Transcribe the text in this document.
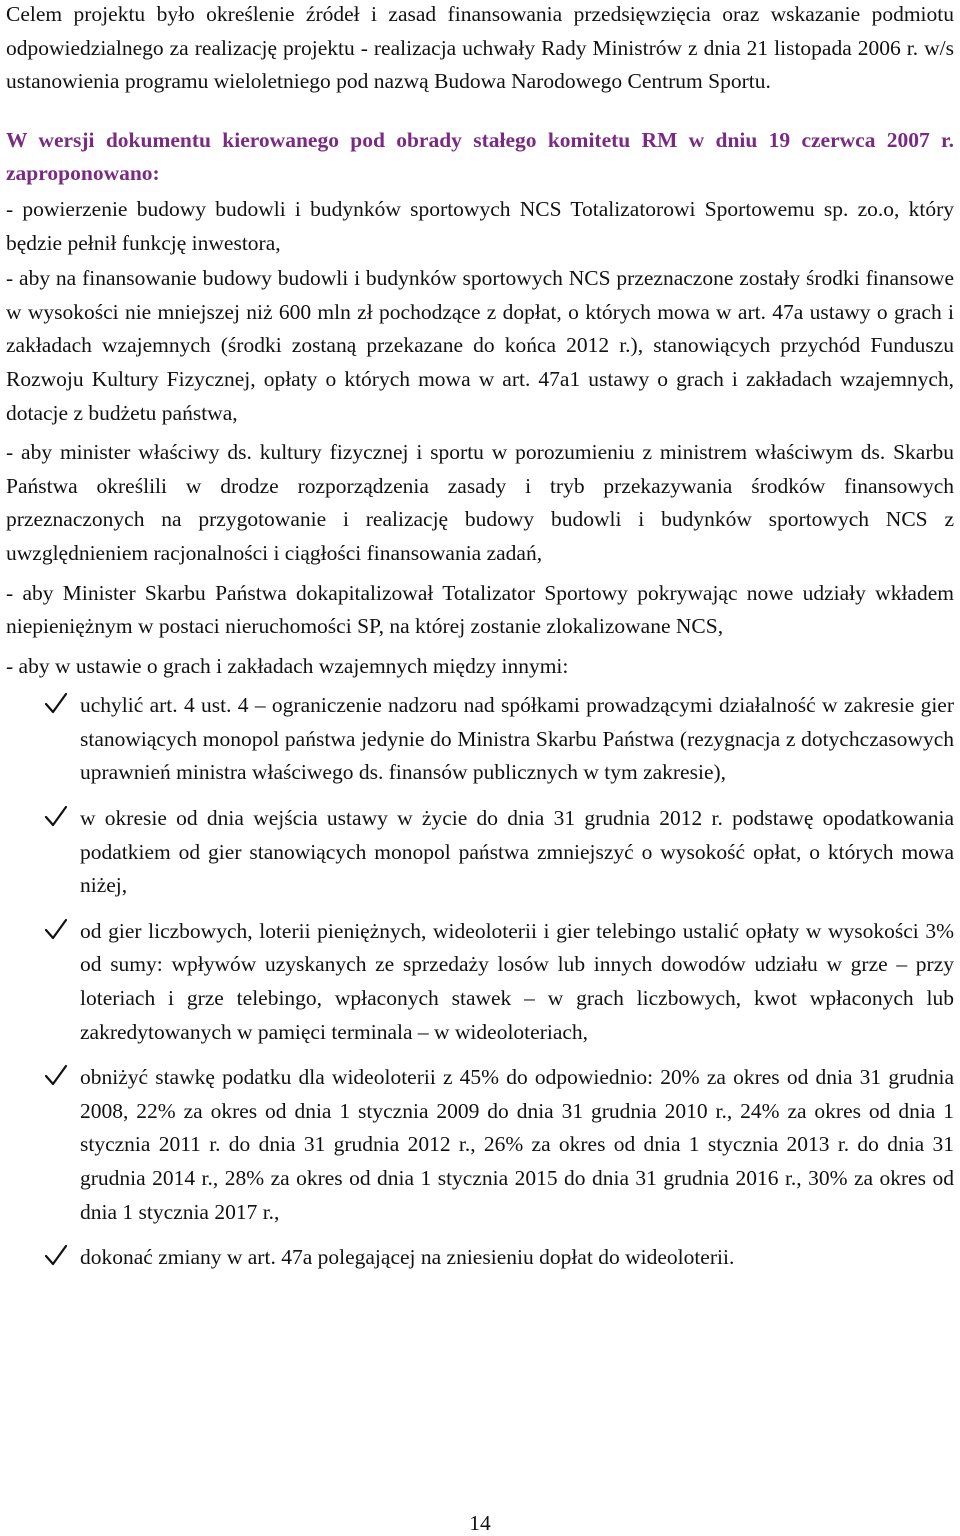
Celem projektu było określenie źródeł i zasad finansowania przedsięwzięcia oraz wskazanie podmiotu odpowiedzialnego za realizację projektu - realizacja uchwały Rady Ministrów z dnia 21 listopada 2006 r. w/s ustanowienia programu wieloletniego pod nazwą Budowa Narodowego Centrum Sportu.

W wersji dokumentu kierowanego pod obrady stałego komitetu RM w dniu 19 czerwca 2007 r. zaproponowano:

- powierzenie budowy budowli i budynków sportowych NCS Totalizatorowi Sportowemu sp. zo.o, który będzie pełnił funkcję inwestora,

- aby na finansowanie budowy budowli i budynków sportowych NCS przeznaczone zostały środki finansowe w wysokości nie mniejszej niż 600 mln zł pochodzące z dopłat, o których mowa w art. 47a ustawy o grach i zakładach wzajemnych (środki zostaną przekazane do końca 2012 r.), stanowiących przychód Funduszu Rozwoju Kultury Fizycznej, opłaty o których mowa w art. 47a1 ustawy o grach i zakładach wzajemnych, dotacje z budżetu państwa,

- aby minister właściwy ds. kultury fizycznej i sportu w porozumieniu z ministrem właściwym ds. Skarbu Państwa określili w drodze rozporządzenia zasady i tryb przekazywania środków finansowych przeznaczonych na przygotowanie i realizację budowy budowli i budynków sportowych NCS z uwzględnieniem racjonalności i ciągłości finansowania zadań,

- aby Minister Skarbu Państwa dokapitalizował Totalizator Sportowy pokrywając nowe udziały wkładem niepieniężnym w postaci nieruchomości SP, na której zostanie zlokalizowane NCS,

- aby w ustawie o grach i zakładach wzajemnych między innymi:

uchylić art. 4 ust. 4 – ograniczenie nadzoru nad spółkami prowadzącymi działalność w zakresie gier stanowiących monopol państwa jedynie do Ministra Skarbu Państwa (rezygnacja z dotychczasowych uprawnień ministra właściwego ds. finansów publicznych w tym zakresie),
w okresie od dnia wejścia ustawy w życie do dnia 31 grudnia 2012 r. podstawę opodatkowania podatkiem od gier stanowiących monopol państwa zmniejszyć o wysokość opłat, o których mowa niżej,
od gier liczbowych, loterii pieniężnych, wideoloterii i gier telebingo ustalić opłaty w wysokości 3% od sumy: wpływów uzyskanych ze sprzedaży losów lub innych dowodów udziału w grze – przy loteriach i grze telebingo, wpłaconych stawek – w grach liczbowych, kwot wpłaconych lub zakredytowanych w pamięci terminala – w wideoloteriach,
obniżyć stawkę podatku dla wideoloterii z 45% do odpowiednio: 20% za okres od dnia 31 grudnia 2008, 22% za okres od dnia 1 stycznia 2009 do dnia 31 grudnia 2010 r., 24% za okres od dnia 1 stycznia 2011 r. do dnia 31 grudnia 2012 r., 26% za okres od dnia 1 stycznia 2013 r. do dnia 31 grudnia 2014 r., 28% za okres od dnia 1 stycznia 2015 do dnia 31 grudnia 2016 r., 30% za okres od dnia 1 stycznia 2017 r.,
dokonać zmiany w art. 47a polegającej na zniesieniu dopłat do wideoloterii.
14
